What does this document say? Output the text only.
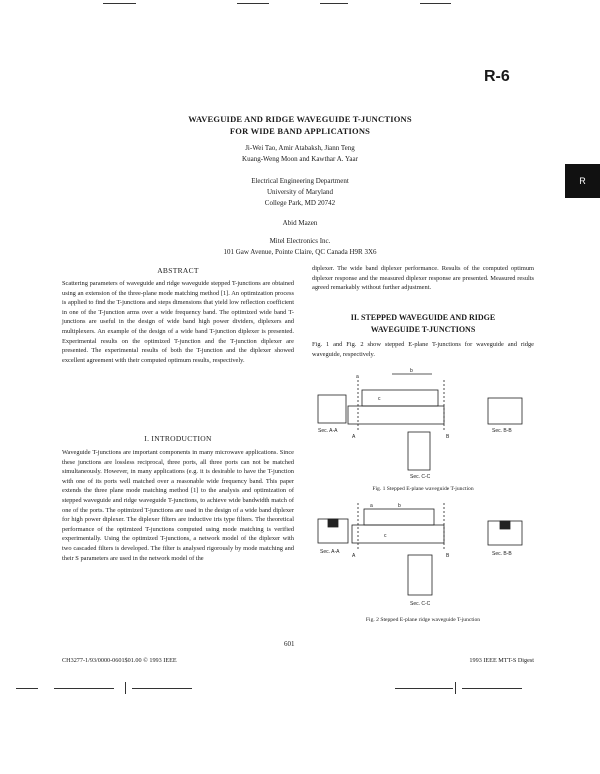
R-6
R
WAVEGUIDE AND RIDGE WAVEGUIDE T-JUNCTIONS
FOR WIDE BAND APPLICATIONS
Ji-Wei Tao, Amir Atabaksh, Jiann Teng
Kuang-Weng Moon and Kawthar A. Yaar
Electrical Engineering Department
University of Maryland
College Park, MD 20742
Abid Mazen
Mitel Electronics Inc.
101 Gaw Avenue, Pointe Claire, QC Canada H9R 3X6
ABSTRACT
Scattering parameters of waveguide and ridge waveguide stepped T-junctions are obtained using an extension of the three-plane mode matching method [1]. An optimization process is applied to find the T-junctions and steps dimensions that yield low reflection coefficient in one of the T-junction arms over a wide frequency band. The optimized wide band T-junctions are useful in the design of wide band high power dividers, diplexers and multiplexers. An example of the design of a wide band T-junction diplexer is presented. Experimental results on the optimized T-junction and the T-junction diplexer are presented. The experimental results of both the T-junction and the diplexer showed excellent agreement with their computed optimum results, respectively.
I. INTRODUCTION
Waveguide T-junctions are important components in many microwave applications. Since these junctions are lossless reciprocal, three ports, all three ports can not be matched simultaneously. However, in many applications (e.g. it is desirable to have the T-junction with one of its ports well matched over a reasonable wide frequency band. This paper extends the three plane mode matching method [1] to the analysis and optimization of stepped waveguide and ridge waveguide T-junctions, to achieve wide bandwidth match of one of the ports. The optimized T-junctions are used in the design of a wide band diplexer for high power diplexer. The diplexer filters are inductive iris type filters. The theoretical performance of the optimized T-junctions computed using mode matching is verified experimentally. Using the optimized T-junctions, a network model of the diplexer with two cascaded filters is developed. The filter is analysed rigorously by mode matching and their S parameters are used in the network model of the
diplexer. The wide band diplexer performance. Results of the computed optimum diplexer response and the measured diplexer response are presented. Measured results agreed remarkably without further adjustment.
II. STEPPED WAVEGUIDE AND RIDGE
WAVEGUIDE T-JUNCTIONS
Fig. 1 and Fig. 2 show stepped E-plane T-junctions for waveguide and ridge waveguide, respectively.
a
b
c
A	B
Sec. A-A	Sec. B-B
Sec. C-C
Fig. 1 Stepped E-plane waveguide T-junction
a	b
c
A	B
Sec. A-A	Sec. B-B
Sec. C-C
Fig. 2 Stepped E-plane ridge waveguide T-junction
601
CH3277-1/93/0000-0601$01.00 © 1993 IEEE	1993 IEEE MTT-S Digest
